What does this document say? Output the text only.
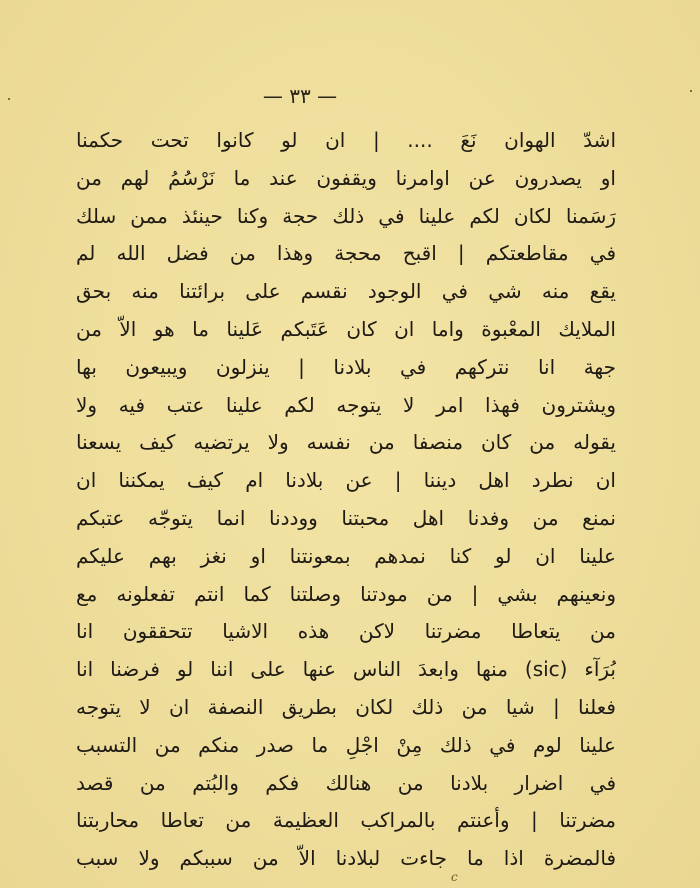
— ٣٣ —
اشدّ الهوان نَعَ .... | ان لو كانوا تحت حكمنا
او يصدرون عن اوامرنا ويقفون عند ما نَرْسُمُ لهم من
رَسَمنا لكان لكم علينا في ذلك حجة وكنا حينئذ ممن سلك
في مقاطعتكم | اقبح محجة وهذا من فضل الله لم
يقع منه شي في الوجود نقسم على برائتنا منه بحق
الملايك المعْبوة واما ان كان عَتَبكم عَلينا ما هو الاّ من
جهة انا نتركهم في بلادنا | ينزلون ويبيعون بها
ويشترون فهذا امر لا يتوجه لكم علينا عتب فيه ولا
يقوله من كان منصفا من نفسه ولا يرتضيه كيف يسعنا
ان نطرد اهل ديننا | عن بلادنا ام كيف يمكننا ان
نمنع من وفدنا اهل محبتنا ووددنا انما يتوجّه عتبكم
علينا ان لو كنا نمدهم بمعونتنا او نغز بهم عليكم
ونعينهم بشي | من مودتنا وصلتنا كما انتم تفعلونه مع
من يتعاطا مضرتنا لاكن هذه الاشيا تتحققون انا
بُرَآء (sic) منها وابعدَ الناس عنها على اننا لو فرضنا انا
فعلنا | شيا من ذلك لكان بطريق النصفة ان لا يتوجه
علينا لوم في ذلك مِنْ اجْلِ ما صدر منكم من التسبب
في اضرار بلادنا من هنالك فكم والبُتم من قصد
مضرتنا | وأعنتم بالمراكب العظيمة من تعاطا محاربتنا
فالمضرة اذا ما جاءت لبلادنا الاّ من سببكم ولا سبب
c
